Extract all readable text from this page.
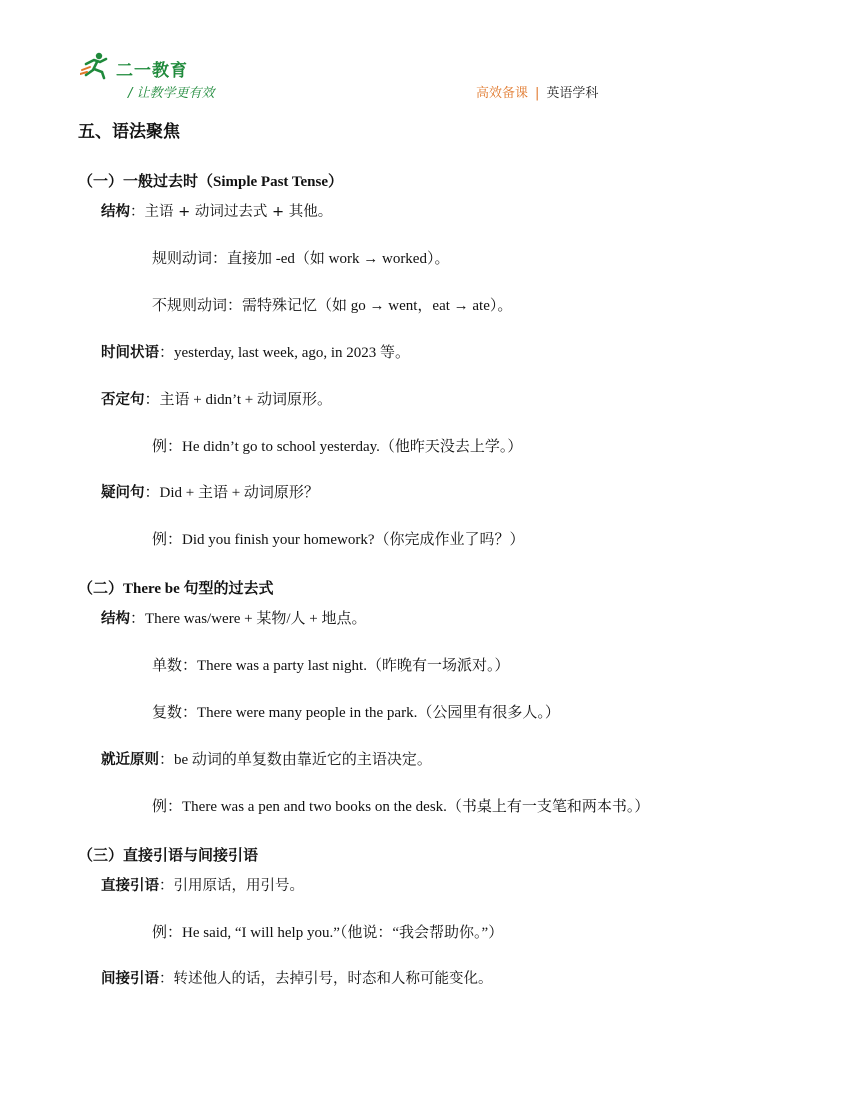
二一教育
/ 让教学更有效	高效备课 | 英语学科
五、语法聚焦
（一）一般过去时（Simple Past Tense）
结构：主语 + 动词过去式 + 其他。
规则动词：直接加 -ed（如 work → worked）。
不规则动词：需特殊记忆（如 go → went，eat → ate）。
时间状语：yesterday, last week, ago, in 2023 等。
否定句：主语 + didn’t + 动词原形。
例：He didn’t go to school yesterday.（他昨天没去上学。）
疑问句：Did + 主语 + 动词原形？
例：Did you finish your homework?（你完成作业了吗？）
（二）There be 句型的过去式
结构：There was/were + 某物/人 + 地点。
单数：There was a party last night.（昨晚有一场派对。）
复数：There were many people in the park.（公园里有很多人。）
就近原则：be 动词的单复数由靠近它的主语决定。
例：There was a pen and two books on the desk.（书桌上有一支笔和两本书。）
（三）直接引语与间接引语
直接引语：引用原话，用引号。
例：He said, “I will help you.”（他说：“我会帮助你。”）
间接引语：转述他人的话，去掉引号，时态和人称可能变化。
